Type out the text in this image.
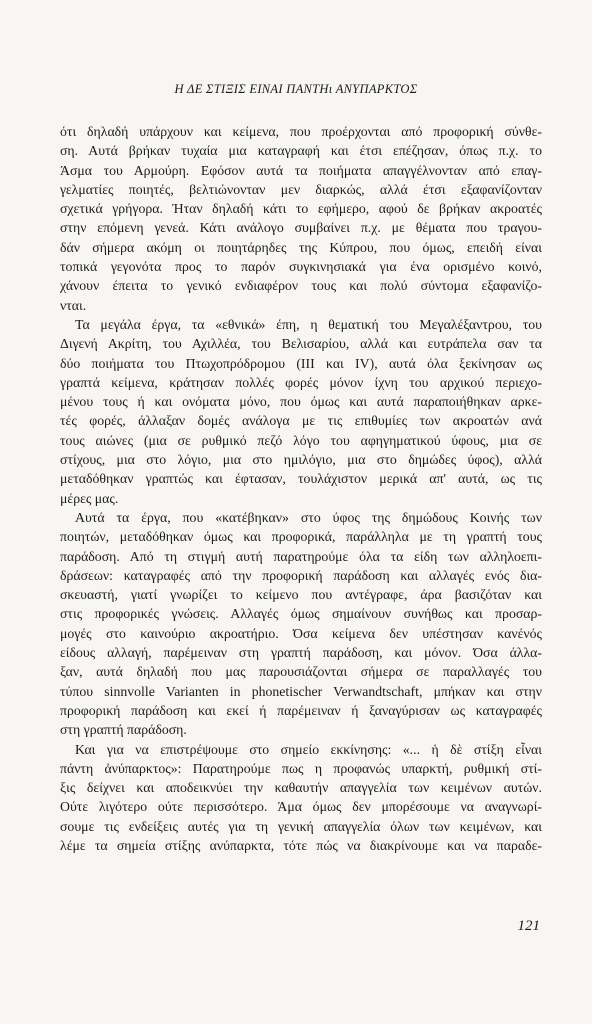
Η ΔΕ ΣΤΙΞΙΣ ΕΙΝΑΙ ΠΑΝΤΗι ΑΝΥΠΑΡΚΤΟΣ
ότι δηλαδή υπάρχουν και κείμενα, που προέρχονται από προφορική σύνθε-
ση. Αυτά βρήκαν τυχαία μια καταγραφή και έτσι επέζησαν, όπως π.χ. το
Άσμα του Αρμούρη. Εφόσον αυτά τα ποιήματα απαγγέλνονταν από επαγ-
γελματίες ποιητές, βελτιώνονταν μεν διαρκώς, αλλά έτσι εξαφανίζονταν
σχετικά γρήγορα. Ήταν δηλαδή κάτι το εφήμερο, αφού δε βρήκαν ακροατές
στην επόμενη γενεά. Κάτι ανάλογο συμβαίνει π.χ. με θέματα που τραγου-
δάν σήμερα ακόμη οι ποιητάρηδες της Κύπρου, που όμως, επειδή είναι
τοπικά γεγονότα προς το παρόν συγκινησιακά για ένα ορισμένο κοινό,
χάνουν έπειτα το γενικό ενδιαφέρον τους και πολύ σύντομα εξαφανίζο-
νται.
Τα μεγάλα έργα, τα «εθνικά» έπη, η θεματική του Μεγαλέξαντρου, του
Διγενή Ακρίτη, του Αχιλλέα, του Βελισαρίου, αλλά και ευτράπελα σαν τα
δύο ποιήματα του Πτωχοπρόδρομου (III και IV), αυτά όλα ξεκίνησαν ως
γραπτά κείμενα, κράτησαν πολλές φορές μόνον ίχνη του αρχικού περιεχο-
μένου τους ή και ονόματα μόνο, που όμως και αυτά παραποιήθηκαν αρκε-
τές φορές, άλλαξαν δομές ανάλογα με τις επιθυμίες των ακροατών ανά
τους αιώνες (μια σε ρυθμικό πεζό λόγο του αφηγηματικού ύφους, μια σε
στίχους, μια στο λόγιο, μια στο ημιλόγιο, μια στο δημώδες ύφος), αλλά
μεταδόθηκαν γραπτώς και έφτασαν, τουλάχιστον μερικά απ' αυτά, ως τις
μέρες μας.
Αυτά τα έργα, που «κατέβηκαν» στο ύφος της δημώδους Κοινής των
ποιητών, μεταδόθηκαν όμως και προφορικά, παράλληλα με τη γραπτή τους
παράδοση. Από τη στιγμή αυτή παρατηρούμε όλα τα είδη των αλληλοεπι-
δράσεων: καταγραφές από την προφορική παράδοση και αλλαγές ενός δια-
σκευαστή, γιατί γνωρίζει το κείμενο που αντέγραφε, άρα βασιζόταν και
στις προφορικές γνώσεις. Αλλαγές όμως σημαίνουν συνήθως και προσαρ-
μογές στο καινούριο ακροατήριο. Όσα κείμενα δεν υπέστησαν κανένός
είδους αλλαγή, παρέμειναν στη γραπτή παράδοση, και μόνον. Όσα άλλα-
ξαν, αυτά δηλαδή που μας παρουσιάζονται σήμερα σε παραλλαγές του
τύπου sinnvolle Varianten in phonetischer Verwandtschaft, μπήκαν και στην
προφορική παράδοση και εκεί ή παρέμειναν ή ξαναγύρισαν ως καταγραφές
στη γραπτή παράδοση.
Και για να επιστρέψουμε στο σημείο εκκίνησης: «... ἡ δὲ στίξη εἶναι
πάντη ἀνύπαρκτος»: Παρατηρούμε πως η προφανώς υπαρκτή, ρυθμική στί-
ξις δείχνει και αποδεικνύει την καθαυτήν απαγγελία των κειμένων αυτών.
Ούτε λιγότερο ούτε περισσότερο. Άμα όμως δεν μπορέσουμε να αναγνωρί-
σουμε τις ενδείξεις αυτές για τη γενική απαγγελία όλων των κειμένων, και
λέμε τα σημεία στίξης ανύπαρκτα, τότε πώς να διακρίνουμε και να παραδε-
121
